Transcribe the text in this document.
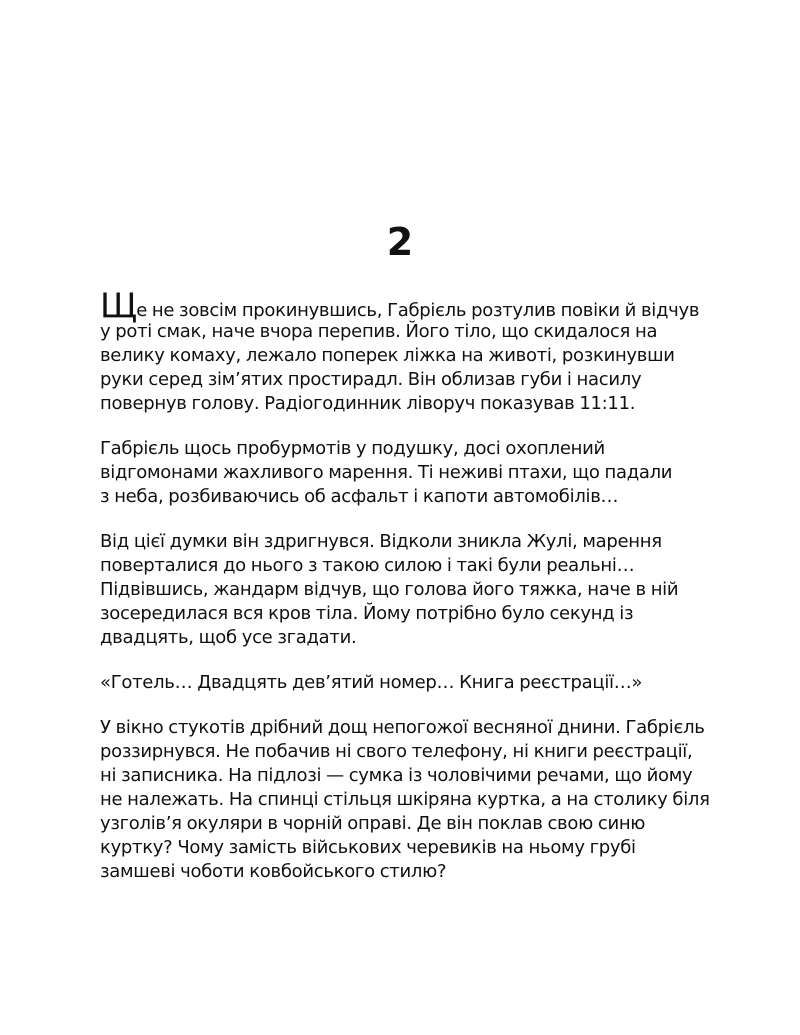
2

Ще не зовсім прокинувшись, Габрієль розтулив повіки й відчув
у роті смак, наче вчора перепив. Його тіло, що скидалося на
велику комаху, лежало поперек ліжка на животі, розкинувши
руки серед зім’ятих простирадл. Він облизав губи і насилу
повернув голову. Радіогодинник ліворуч показував 11:11.

Габрієль щось пробурмотів у подушку, досі охоплений
відгомонами жахливого марення. Ті неживі птахи, що падали
з неба, розбиваючись об асфальт і капоти автомобілів…

Від цієї думки він здригнувся. Відколи зникла Жулі, марення
поверталися до нього з такою силою і такі були реальні…
Підвівшись, жандарм відчув, що голова його тяжка, наче в ній
зосередилася вся кров тіла. Йому потрібно було секунд із
двадцять, щоб усе згадати.

«Готель… Двадцять дев’ятий номер… Книга реєстрації…»

У вікно стукотів дрібний дощ непогожої весняної днини. Габрієль
роззирнувся. Не побачив ні свого телефону, ні книги реєстрації,
ні записника. На підлозі — сумка із чоловічими речами, що йому
не належать. На спинці стільця шкіряна куртка, а на столику біля
узголів’я окуляри в чорній оправі. Де він поклав свою синю
куртку? Чому замість військових черевиків на ньому грубі
замшеві чоботи ковбойського стилю?
